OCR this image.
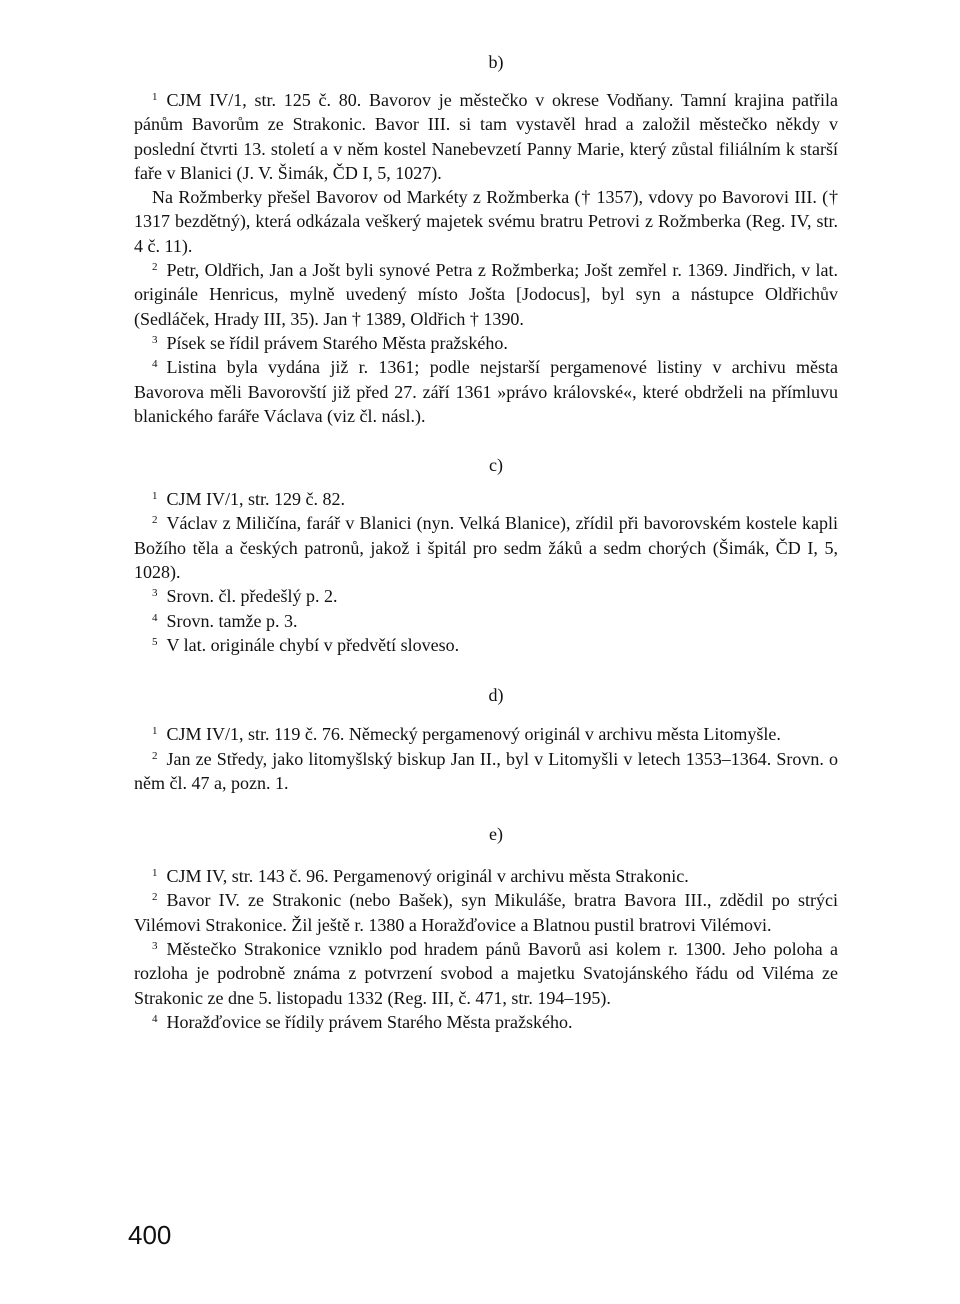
b)

$^1$ CJM IV/1, str. 125 č. 80. Bavorov je městečko v okrese Vodňany. Tamní krajina patřila pánům Bavorům ze Strakonic. Bavor III. si tam vystavěl hrad a založil městečko někdy v poslední čtvrti 13. století a v něm kostel Nanebevzetí Panny Marie, který zůstal filiálním k starší faře v Blanici (J. V. Šimák, ČD I, 5, 1027).

Na Rožmberky přešel Bavorov od Markéty z Rožmberka († 1357), vdovy po Bavorovi III. († 1317 bezdětný), která odkázala veškerý majetek svému bratru Petrovi z Rožmberka (Reg. IV, str. 4 č. 11).

$^2$ Petr, Oldřich, Jan a Jošt byli synové Petra z Rožmberka; Jošt zemřel r. 1369. Jindřich, v lat. originále Henricus, mylně uvedený místo Jošta [Jodocus], byl syn a nástupce Oldřichův (Sedláček, Hrady III, 35). Jan † 1389, Oldřich † 1390.

$^3$ Písek se řídil právem Starého Města pražského.

$^4$ Listina byla vydána již r. 1361; podle nejstarší pergamenové listiny v archivu města Bavorova měli Bavorovští již před 27. září 1361 »právo královské«, které obdrželi na přímluvu blanického faráře Václava (viz čl. násl.).

c)

$^1$ CJM IV/1, str. 129 č. 82.

$^2$ Václav z Miličína, farář v Blanici (nyn. Velká Blanice), zřídil při bavorovském kostele kapli Božího těla a českých patronů, jakož i špitál pro sedm žáků a sedm chorých (Šimák, ČD I, 5, 1028).

$^3$ Srovn. čl. předešlý p. 2.

$^4$ Srovn. tamže p. 3.

$^5$ V lat. originále chybí v předvětí sloveso.

d)

$^1$ CJM IV/1, str. 119 č. 76. Německý pergamenový originál v archivu města Litomyšle.

$^2$ Jan ze Středy, jako litomyšlský biskup Jan II., byl v Litomyšli v letech 1353–1364. Srovn. o něm čl. 47 a, pozn. 1.

e)

$^1$ CJM IV, str. 143 č. 96. Pergamenový originál v archivu města Strakonic.

$^2$ Bavor IV. ze Strakonic (nebo Bašek), syn Mikuláše, bratra Bavora III., zdědil po strýci Vilémovi Strakonice. Žil ještě r. 1380 a Horažďovice a Blatnou pustil bratrovi Vilémovi.

$^3$ Městečko Strakonice vzniklo pod hradem pánů Bavorů asi kolem r. 1300. Jeho poloha a rozloha je podrobně známa z potvrzení svobod a majetku Svatojánského řádu od Viléma ze Strakonic ze dne 5. listopadu 1332 (Reg. III, č. 471, str. 194–195).

$^4$ Horažďovice se řídily právem Starého Města pražského.

400
